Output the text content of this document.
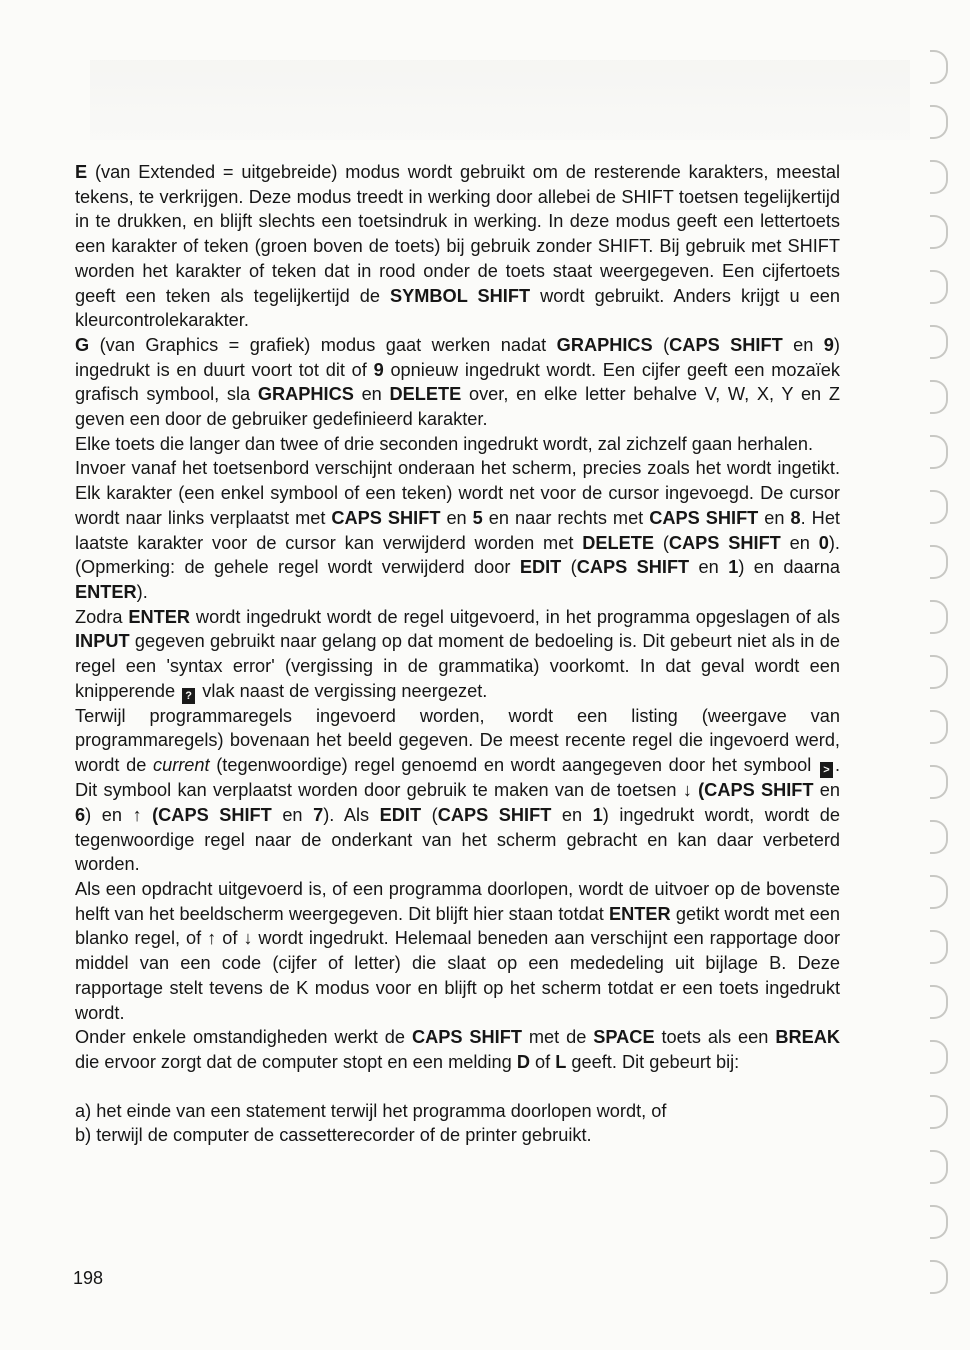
E (van Extended = uitgebreide) modus wordt gebruikt om de resterende karakters, meestal tekens, te verkrijgen. Deze modus treedt in werking door allebei de SHIFT toetsen tegelijkertijd in te drukken, en blijft slechts een toetsindruk in werking. In deze modus geeft een lettertoets een karakter of teken (groen boven de toets) bij gebruik zonder SHIFT. Bij gebruik met SHIFT worden het karakter of teken dat in rood onder de toets staat weergegeven. Een cijfertoets geeft een teken als tegelijkertijd de SYMBOL SHIFT wordt gebruikt. Anders krijgt u een kleurcontrolekarakter.

G (van Graphics = grafiek) modus gaat werken nadat GRAPHICS (CAPS SHIFT en 9) ingedrukt is en duurt voort tot dit of 9 opnieuw ingedrukt wordt. Een cijfer geeft een mozaïek grafisch symbool, sla GRAPHICS en DELETE over, en elke letter behalve V, W, X, Y en Z geven een door de gebruiker gedefinieerd karakter.

Elke toets die langer dan twee of drie seconden ingedrukt wordt, zal zichzelf gaan herhalen.

Invoer vanaf het toetsenbord verschijnt onderaan het scherm, precies zoals het wordt ingetikt. Elk karakter (een enkel symbool of een teken) wordt net voor de cursor ingevoegd. De cursor wordt naar links verplaatst met CAPS SHIFT en 5 en naar rechts met CAPS SHIFT en 8. Het laatste karakter voor de cursor kan verwijderd worden met DELETE (CAPS SHIFT en 0). (Opmerking: de gehele regel wordt verwijderd door EDIT (CAPS SHIFT en 1) en daarna ENTER).

Zodra ENTER wordt ingedrukt wordt de regel uitgevoerd, in het programma opgeslagen of als INPUT gegeven gebruikt naar gelang op dat moment de bedoeling is. Dit gebeurt niet als in de regel een 'syntax error' (vergissing in de grammatika) voorkomt. In dat geval wordt een knipperende ? vlak naast de vergissing neergezet.

Terwijl programmaregels ingevoerd worden, wordt een listing (weergave van programmaregels) bovenaan het beeld gegeven. De meest recente regel die ingevoerd werd, wordt de current (tegenwoordige) regel genoemd en wordt aangegeven door het symbool > . Dit symbool kan verplaatst worden door gebruik te maken van de toetsen ↓ (CAPS SHIFT en 6) en ↑ (CAPS SHIFT en 7). Als EDIT (CAPS SHIFT en 1) ingedrukt wordt, wordt de tegenwoordige regel naar de onderkant van het scherm gebracht en kan daar verbeterd worden.

Als een opdracht uitgevoerd is, of een programma doorlopen, wordt de uitvoer op de bovenste helft van het beeldscherm weergegeven. Dit blijft hier staan totdat ENTER getikt wordt met een blanko regel, of ↑ of ↓ wordt ingedrukt. Helemaal beneden aan verschijnt een rapportage door middel van een code (cijfer of letter) die slaat op een mededeling uit bijlage B. Deze rapportage stelt tevens de K modus voor en blijft op het scherm totdat er een toets ingedrukt wordt.

Onder enkele omstandigheden werkt de CAPS SHIFT met de SPACE toets als een BREAK die ervoor zorgt dat de computer stopt en een melding D of L geeft. Dit gebeurt bij:

a) het einde van een statement terwijl het programma doorlopen wordt, of

b) terwijl de computer de cassetterecorder of de printer gebruikt.

198
